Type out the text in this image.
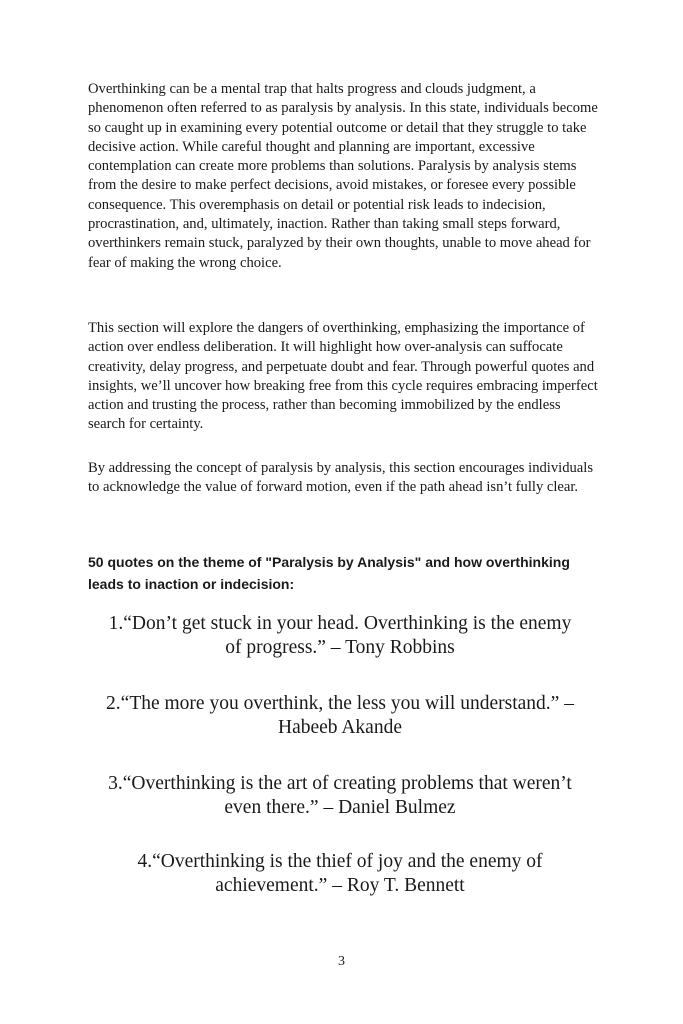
Overthinking can be a mental trap that halts progress and clouds judgment, a phenomenon often referred to as paralysis by analysis. In this state, individuals become so caught up in examining every potential outcome or detail that they struggle to take decisive action. While careful thought and planning are important, excessive contemplation can create more problems than solutions. Paralysis by analysis stems from the desire to make perfect decisions, avoid mistakes, or foresee every possible consequence. This overemphasis on detail or potential risk leads to indecision, procrastination, and, ultimately, inaction. Rather than taking small steps forward, overthinkers remain stuck, paralyzed by their own thoughts, unable to move ahead for fear of making the wrong choice.

This section will explore the dangers of overthinking, emphasizing the importance of action over endless deliberation. It will highlight how over-analysis can suffocate creativity, delay progress, and perpetuate doubt and fear. Through powerful quotes and insights, we’ll uncover how breaking free from this cycle requires embracing imperfect action and trusting the process, rather than becoming immobilized by the endless search for certainty.

By addressing the concept of paralysis by analysis, this section encourages individuals to acknowledge the value of forward motion, even if the path ahead isn’t fully clear.

50 quotes on the theme of "Paralysis by Analysis" and how overthinking leads to inaction or indecision:

1.“Don’t get stuck in your head. Overthinking is the enemy of progress.” – Tony Robbins

2.“The more you overthink, the less you will understand.” – Habeeb Akande

3.“Overthinking is the art of creating problems that weren’t even there.” – Daniel Bulmez

4.“Overthinking is the thief of joy and the enemy of achievement.” – Roy T. Bennett

3
